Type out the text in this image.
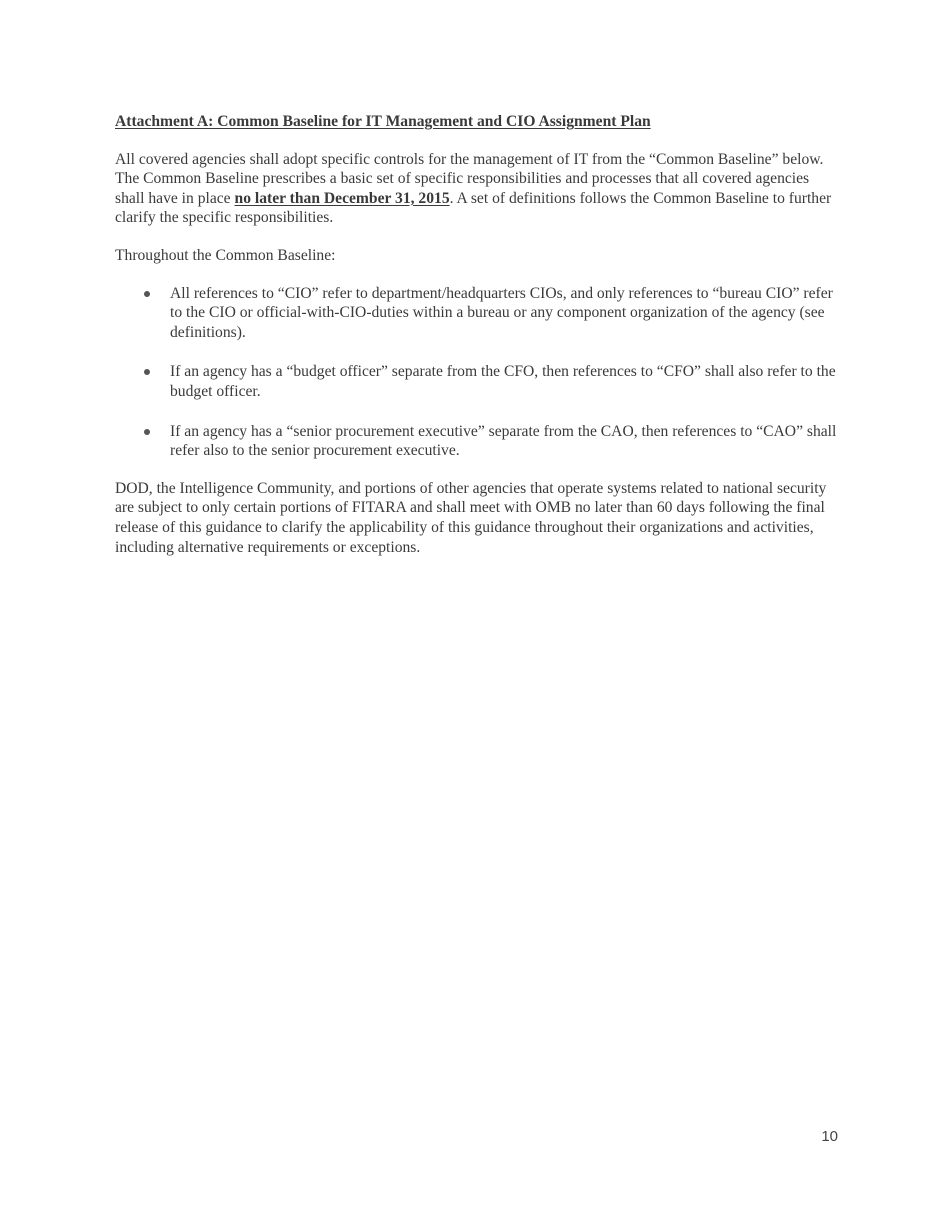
Attachment A: Common Baseline for IT Management and CIO Assignment Plan

All covered agencies shall adopt specific controls for the management of IT from the “Common Baseline” below. The Common Baseline prescribes a basic set of specific responsibilities and processes that all covered agencies shall have in place no later than December 31, 2015. A set of definitions follows the Common Baseline to further clarify the specific responsibilities.

Throughout the Common Baseline:

All references to “CIO” refer to department/headquarters CIOs, and only references to “bureau CIO” refer to the CIO or official-with-CIO-duties within a bureau or any component organization of the agency (see definitions).
If an agency has a “budget officer” separate from the CFO, then references to “CFO” shall also refer to the budget officer.
If an agency has a “senior procurement executive” separate from the CAO, then references to “CAO” shall refer also to the senior procurement executive.

DOD, the Intelligence Community, and portions of other agencies that operate systems related to national security are subject to only certain portions of FITARA and shall meet with OMB no later than 60 days following the final release of this guidance to clarify the applicability of this guidance throughout their organizations and activities, including alternative requirements or exceptions.

10
